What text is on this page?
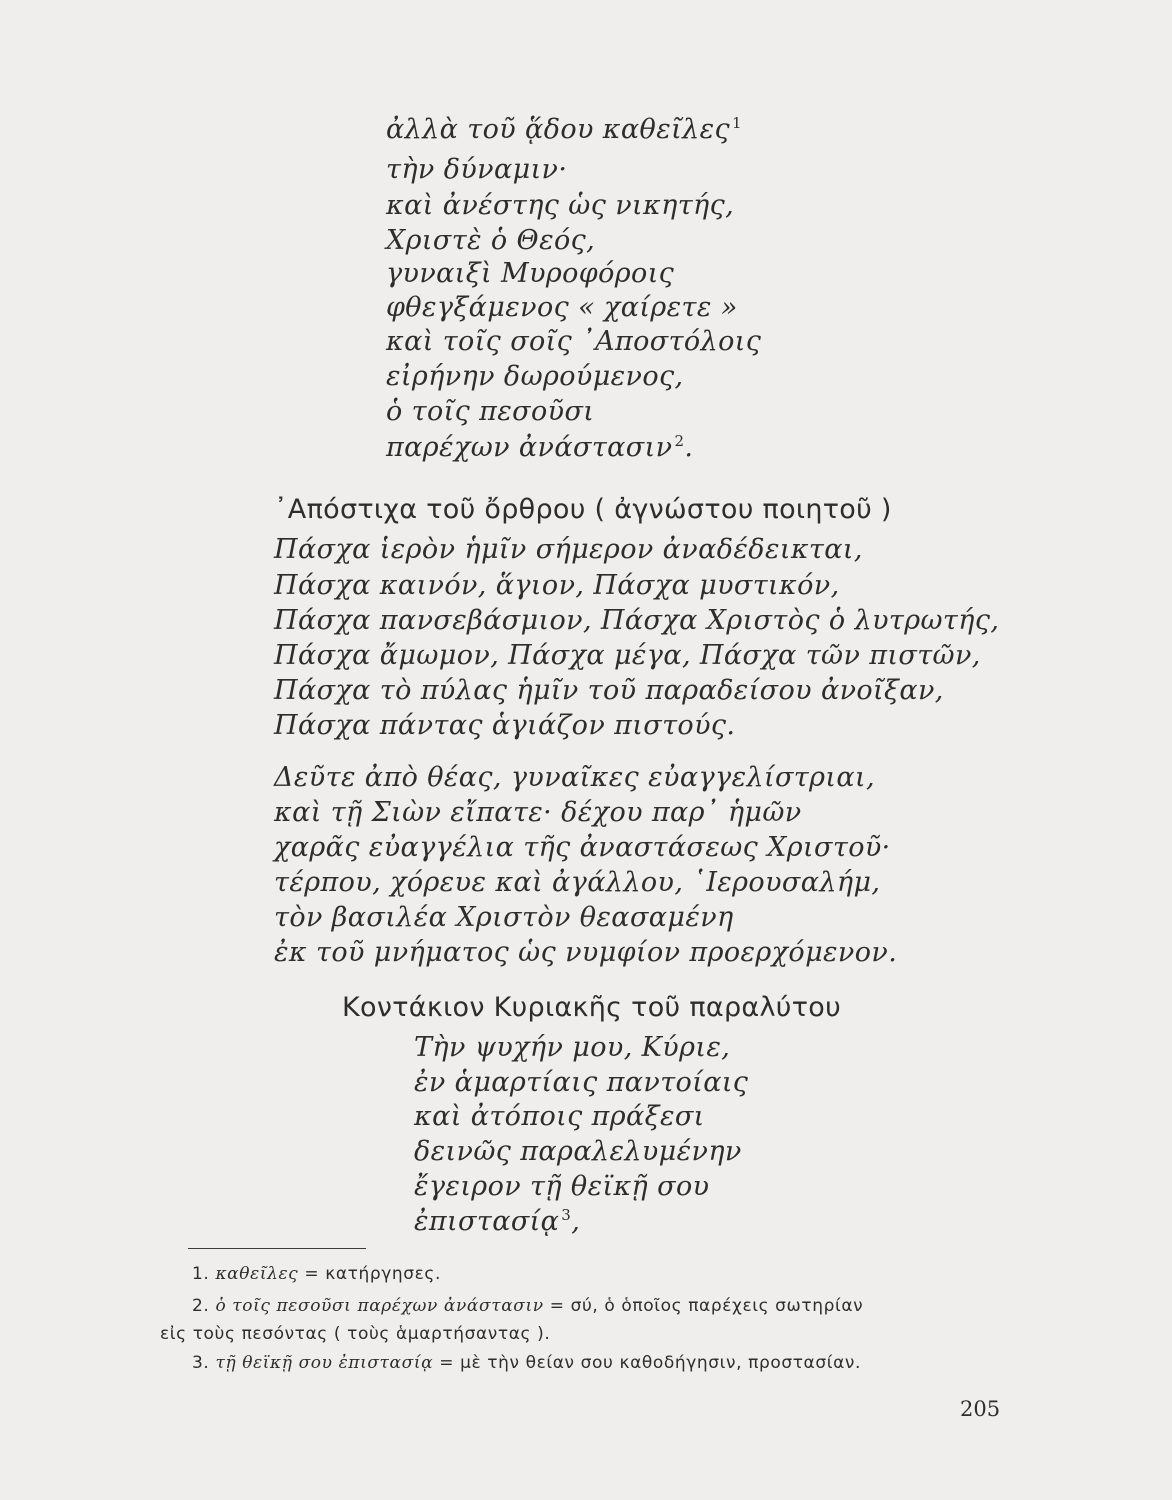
ἀλλὰ τοῦ ᾅδου καθεῖλες $^1$
τὴν δύναμιν·
καὶ ἀνέστης ὡς νικητής,
Χριστὲ ὁ Θεός,
γυναιξὶ Μυροφόροις
φθεγξάμενος « χαίρετε »
καὶ τοῖς σοῖς ᾿Αποστόλοις
εἰρήνην δωρούμενος,
ὁ τοῖς πεσοῦσι
παρέχων ἀνάστασιν $^2$.
᾿Απόστιχα τοῦ ὄρθρου ( ἀγνώστου ποιητοῦ )
Πάσχα ἱερὸν ἡμῖν σήμερον ἀναδέδεικται,
Πάσχα καινόν, ἅγιον, Πάσχα μυστικόν,
Πάσχα πανσεβάσμιον, Πάσχα Χριστὸς ὁ λυτρωτής,
Πάσχα ἄμωμον, Πάσχα μέγα, Πάσχα τῶν πιστῶν,
Πάσχα τὸ πύλας ἡμῖν τοῦ παραδείσου ἀνοῖξαν,
Πάσχα πάντας ἁγιάζον πιστούς.
Δεῦτε ἀπὸ θέας, γυναῖκες εὐαγγελίστριαι,
καὶ τῇ Σιὼν εἴπατε· δέχου παρ᾿ ἡμῶν
χαρᾶς εὐαγγέλια τῆς ἀναστάσεως Χριστοῦ·
τέρπου, χόρευε καὶ ἀγάλλου, ῾Ιερουσαλήμ,
τὸν βασιλέα Χριστὸν θεασαμένη
ἐκ τοῦ μνήματος ὡς νυμφίον προερχόμενον.
Κοντάκιον Κυριακῆς τοῦ παραλύτου
Τὴν ψυχήν μου, Κύριε,
ἐν ἁμαρτίαις παντοίαις
καὶ ἀτόποις πράξεσι
δεινῶς παραλελυμένην
ἔγειρον τῇ θεϊκῇ σου
ἐπιστασίᾳ $^3$,
1. καθεῖλες = κατήργησες.
2. ὁ τοῖς πεσοῦσι παρέχων ἀνάστασιν = σύ, ὁ ὁποῖος παρέχεις σωτηρίαν
εἰς τοὺς πεσόντας ( τοὺς ἁμαρτήσαντας ).
3. τῇ θεϊκῇ σου ἐπιστασίᾳ = μὲ τὴν θείαν σου καθοδήγησιν, προστασίαν.
205
